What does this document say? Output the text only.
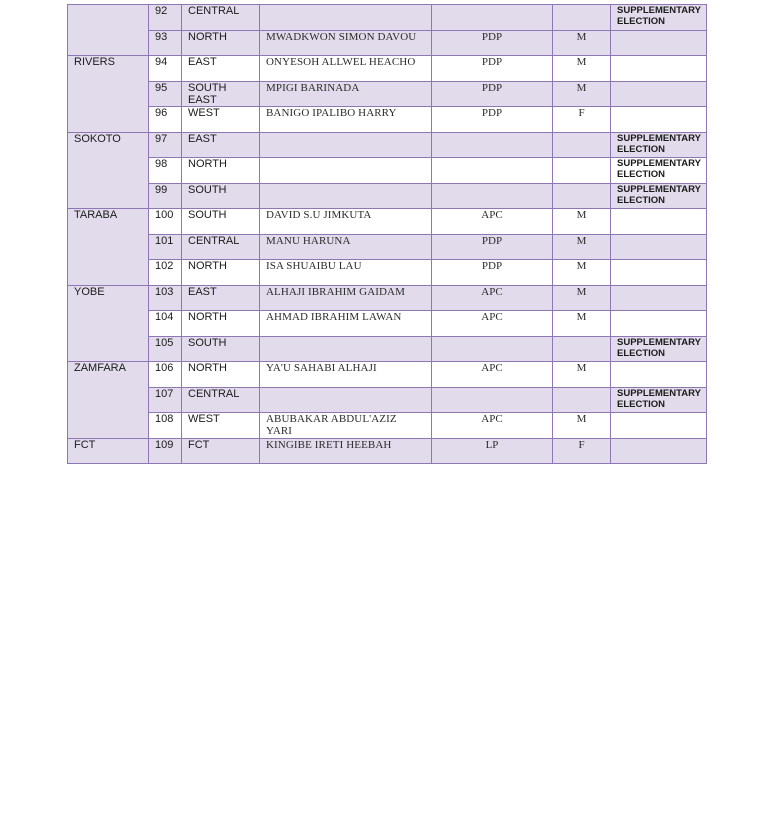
	92	CENTRAL				SUPPLEMENTARY ELECTION
	93	NORTH	MWADKWON SIMON DAVOU	PDP	M	
RIVERS	94	EAST	ONYESOH ALLWEL HEACHO	PDP	M	
	95	SOUTH EAST	MPIGI BARINADA	PDP	M	
	96	WEST	BANIGO IPALIBO HARRY	PDP	F	
SOKOTO	97	EAST				SUPPLEMENTARY ELECTION
	98	NORTH				SUPPLEMENTARY ELECTION
	99	SOUTH				SUPPLEMENTARY ELECTION
TARABA	100	SOUTH	DAVID S.U JIMKUTA	APC	M	
	101	CENTRAL	MANU HARUNA	PDP	M	
	102	NORTH	ISA SHUAIBU LAU	PDP	M	
YOBE	103	EAST	ALHAJI IBRAHIM GAIDAM	APC	M	
	104	NORTH	AHMAD IBRAHIM LAWAN	APC	M	
	105	SOUTH				SUPPLEMENTARY ELECTION
ZAMFARA	106	NORTH	YA'U SAHABI ALHAJI	APC	M	
	107	CENTRAL				SUPPLEMENTARY ELECTION
	108	WEST	ABUBAKAR ABDUL'AZIZ YARI	APC	M	
FCT	109	FCT	KINGIBE IRETI HEEBAH	LP	F	
